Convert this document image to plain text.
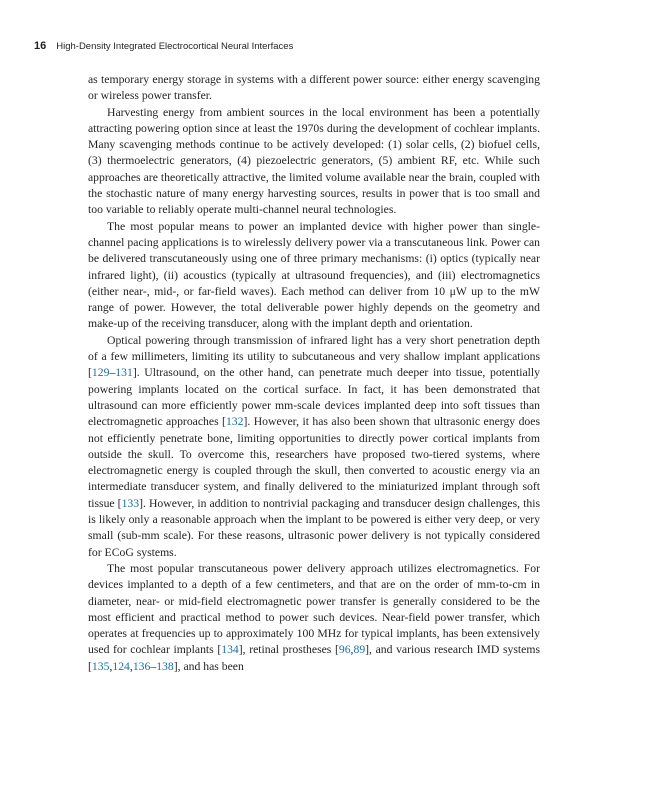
16 High-Density Integrated Electrocortical Neural Interfaces

as temporary energy storage in systems with a different power source: either energy scavenging or wireless power transfer.

Harvesting energy from ambient sources in the local environment has been a potentially attracting powering option since at least the 1970s during the development of cochlear implants. Many scavenging methods continue to be actively developed: (1) solar cells, (2) biofuel cells, (3) thermoelectric generators, (4) piezoelectric generators, (5) ambient RF, etc. While such approaches are theoretically attractive, the limited volume available near the brain, coupled with the stochastic nature of many energy harvesting sources, results in power that is too small and too variable to reliably operate multi-channel neural technologies.

The most popular means to power an implanted device with higher power than single-channel pacing applications is to wirelessly delivery power via a transcutaneous link. Power can be delivered transcutaneously using one of three primary mechanisms: (i) optics (typically near infrared light), (ii) acoustics (typically at ultrasound frequencies), and (iii) electromagnetics (either near-, mid-, or far-field waves). Each method can deliver from 10 μW up to the mW range of power. However, the total deliverable power highly depends on the geometry and make-up of the receiving transducer, along with the implant depth and orientation.

Optical powering through transmission of infrared light has a very short penetration depth of a few millimeters, limiting its utility to subcutaneous and very shallow implant applications [129–131]. Ultrasound, on the other hand, can penetrate much deeper into tissue, potentially powering implants located on the cortical surface. In fact, it has been demonstrated that ultrasound can more efficiently power mm-scale devices implanted deep into soft tissues than electromagnetic approaches [132]. However, it has also been shown that ultrasonic energy does not efficiently penetrate bone, limiting opportunities to directly power cortical implants from outside the skull. To overcome this, researchers have proposed two-tiered systems, where electromagnetic energy is coupled through the skull, then converted to acoustic energy via an intermediate transducer system, and finally delivered to the miniaturized implant through soft tissue [133]. However, in addition to nontrivial packaging and transducer design challenges, this is likely only a reasonable approach when the implant to be powered is either very deep, or very small (sub-mm scale). For these reasons, ultrasonic power delivery is not typically considered for ECoG systems.

The most popular transcutaneous power delivery approach utilizes electromagnetics. For devices implanted to a depth of a few centimeters, and that are on the order of mm-to-cm in diameter, near- or mid-field electromagnetic power transfer is generally considered to be the most efficient and practical method to power such devices. Near-field power transfer, which operates at frequencies up to approximately 100 MHz for typical implants, has been extensively used for cochlear implants [134], retinal prostheses [96,89], and various research IMD systems [135,124,136–138], and has been
